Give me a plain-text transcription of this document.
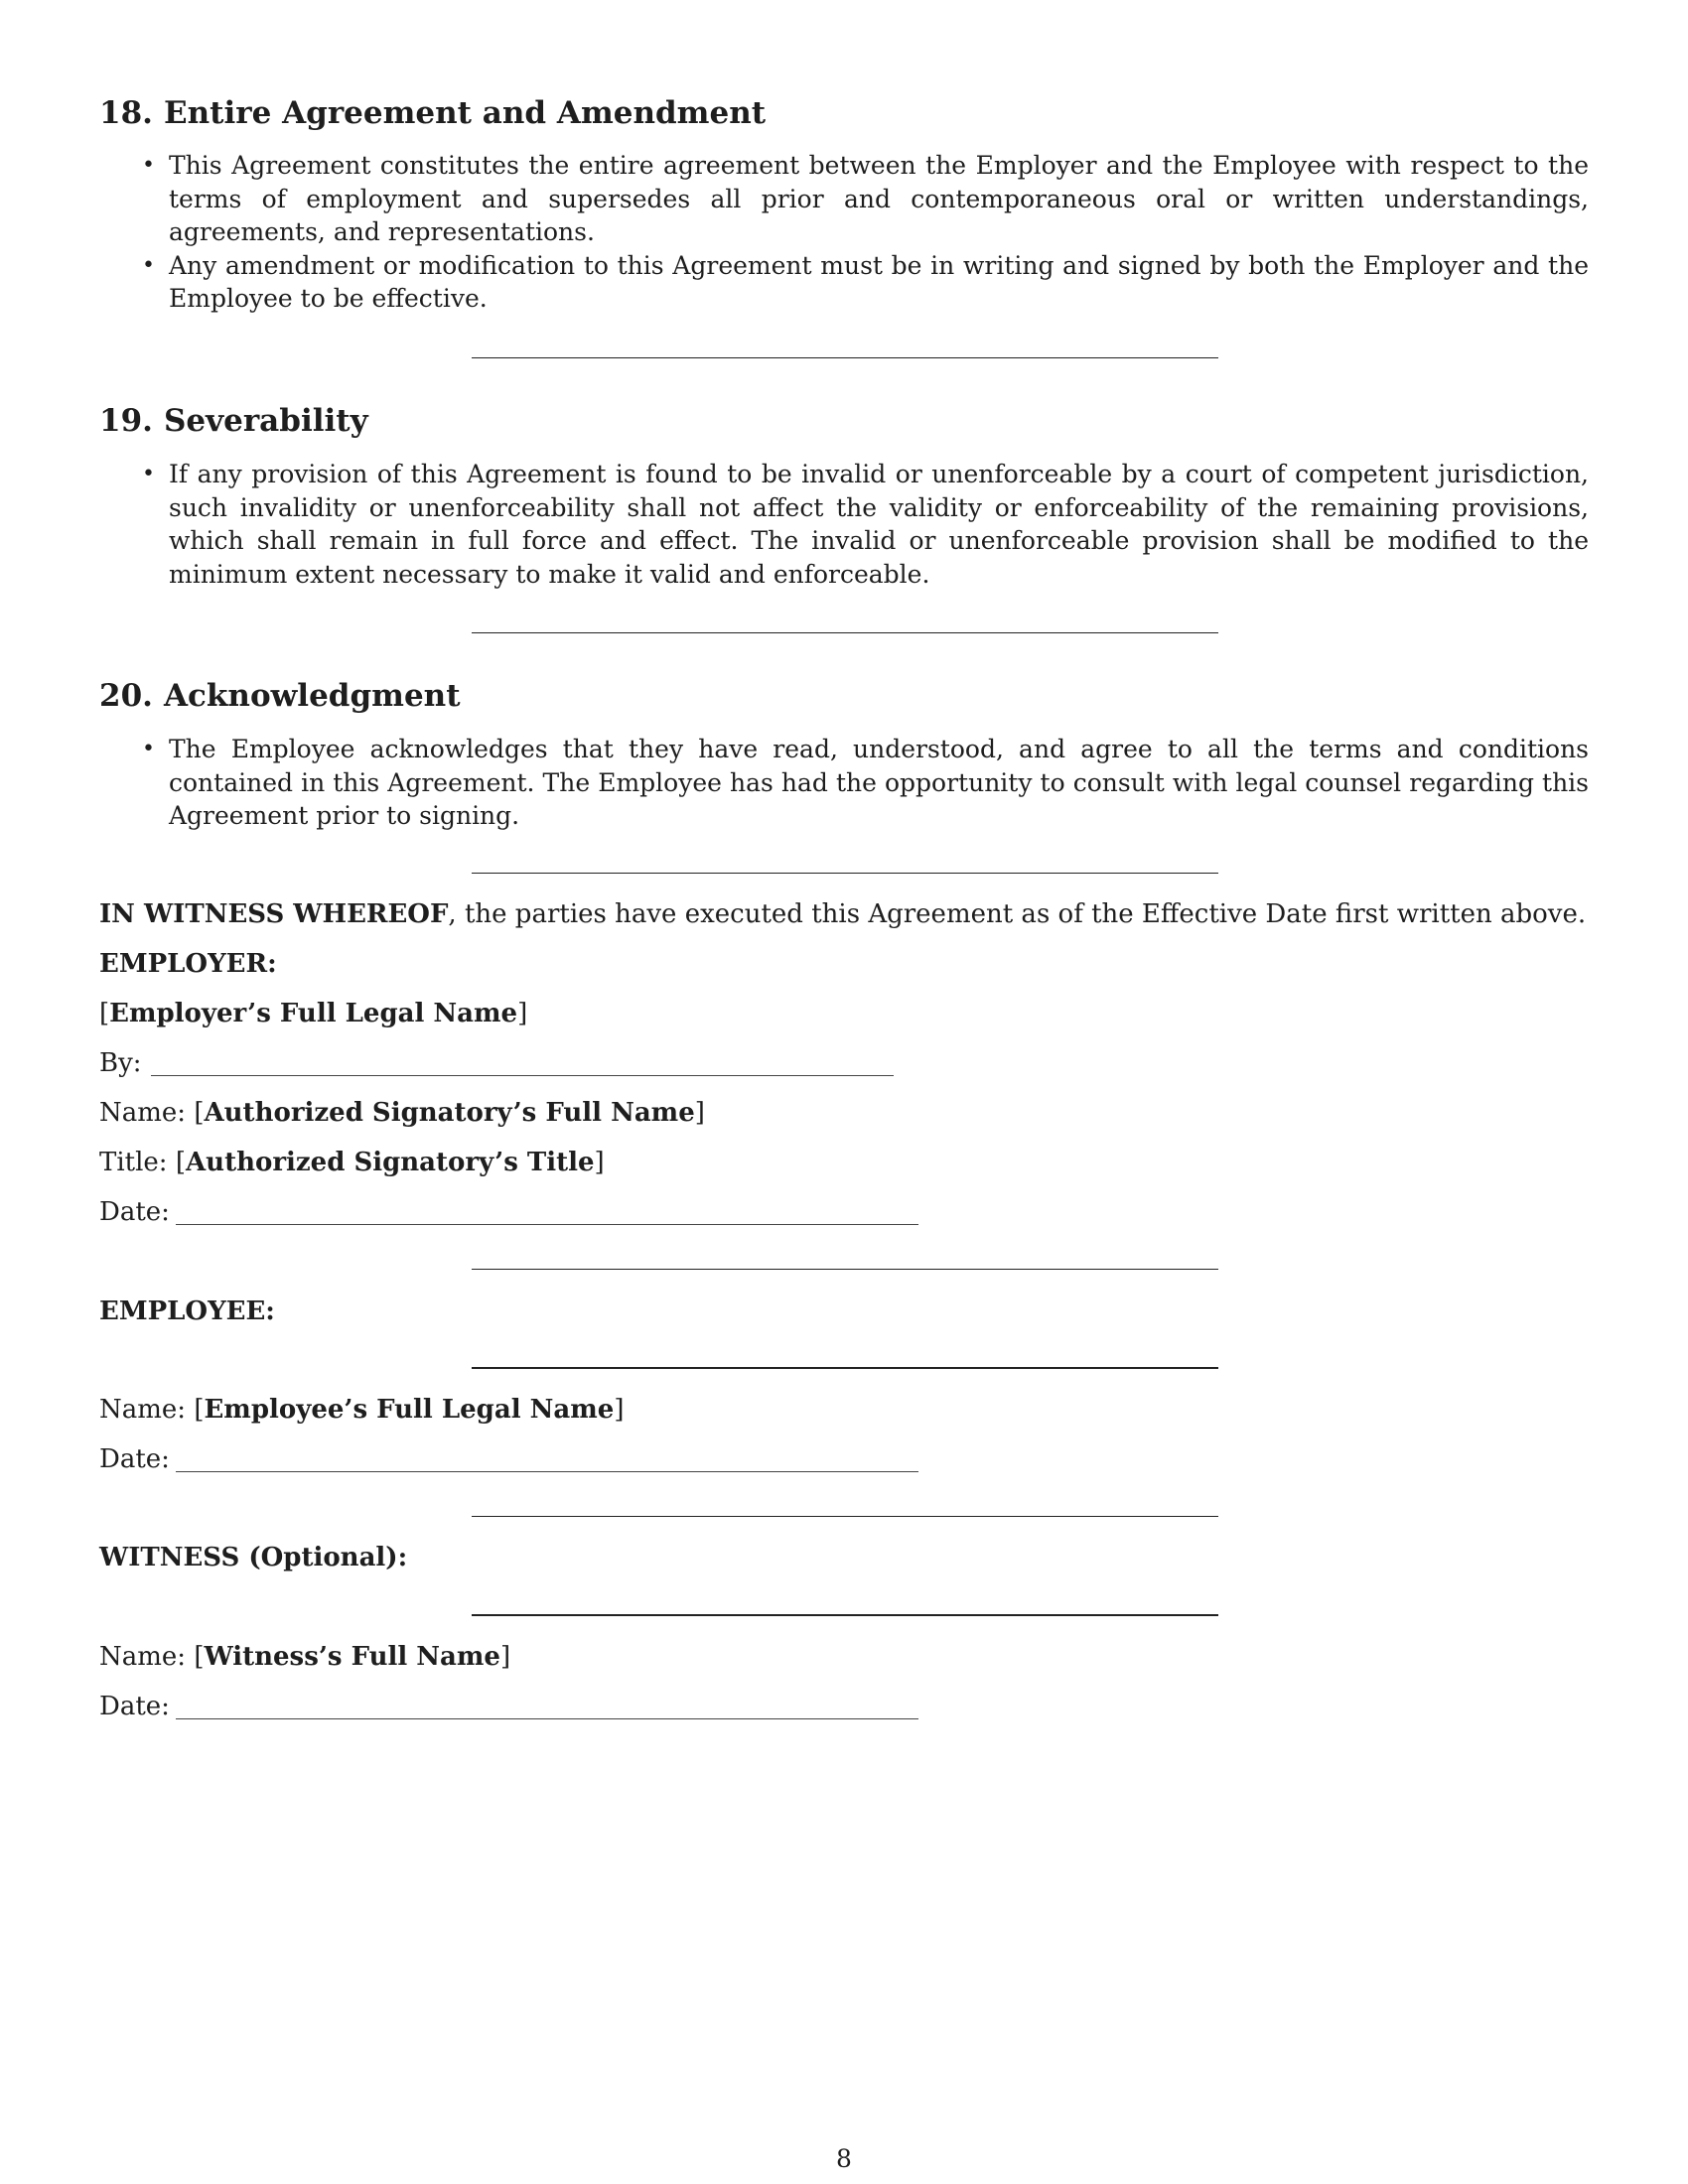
18. Entire Agreement and Amendment
• This Agreement constitutes the entire agreement between the Employer and the Employee with respect to the terms of employment and supersedes all prior and contemporaneous oral or written understandings, agreements, and representations.
• Any amendment or modification to this Agreement must be in writing and signed by both the Employer and the Employee to be effective.
19. Severability
• If any provision of this Agreement is found to be invalid or unenforceable by a court of competent jurisdiction, such invalidity or unenforceability shall not affect the validity or enforceability of the remaining provisions, which shall remain in full force and effect. The invalid or unenforceable provision shall be modified to the minimum extent necessary to make it valid and enforceable.
20. Acknowledgment
• The Employee acknowledges that they have read, understood, and agree to all the terms and conditions contained in this Agreement. The Employee has had the opportunity to consult with legal counsel regarding this Agreement prior to signing.
IN WITNESS WHEREOF, the parties have executed this Agreement as of the Effective Date first written above.
EMPLOYER:
[Employer’s Full Legal Name]
By:
Name: [Authorized Signatory’s Full Name]
Title: [Authorized Signatory’s Title]
Date:
EMPLOYEE:
Name: [Employee’s Full Legal Name]
Date:
WITNESS (Optional):
Name: [Witness’s Full Name]
Date:
8
